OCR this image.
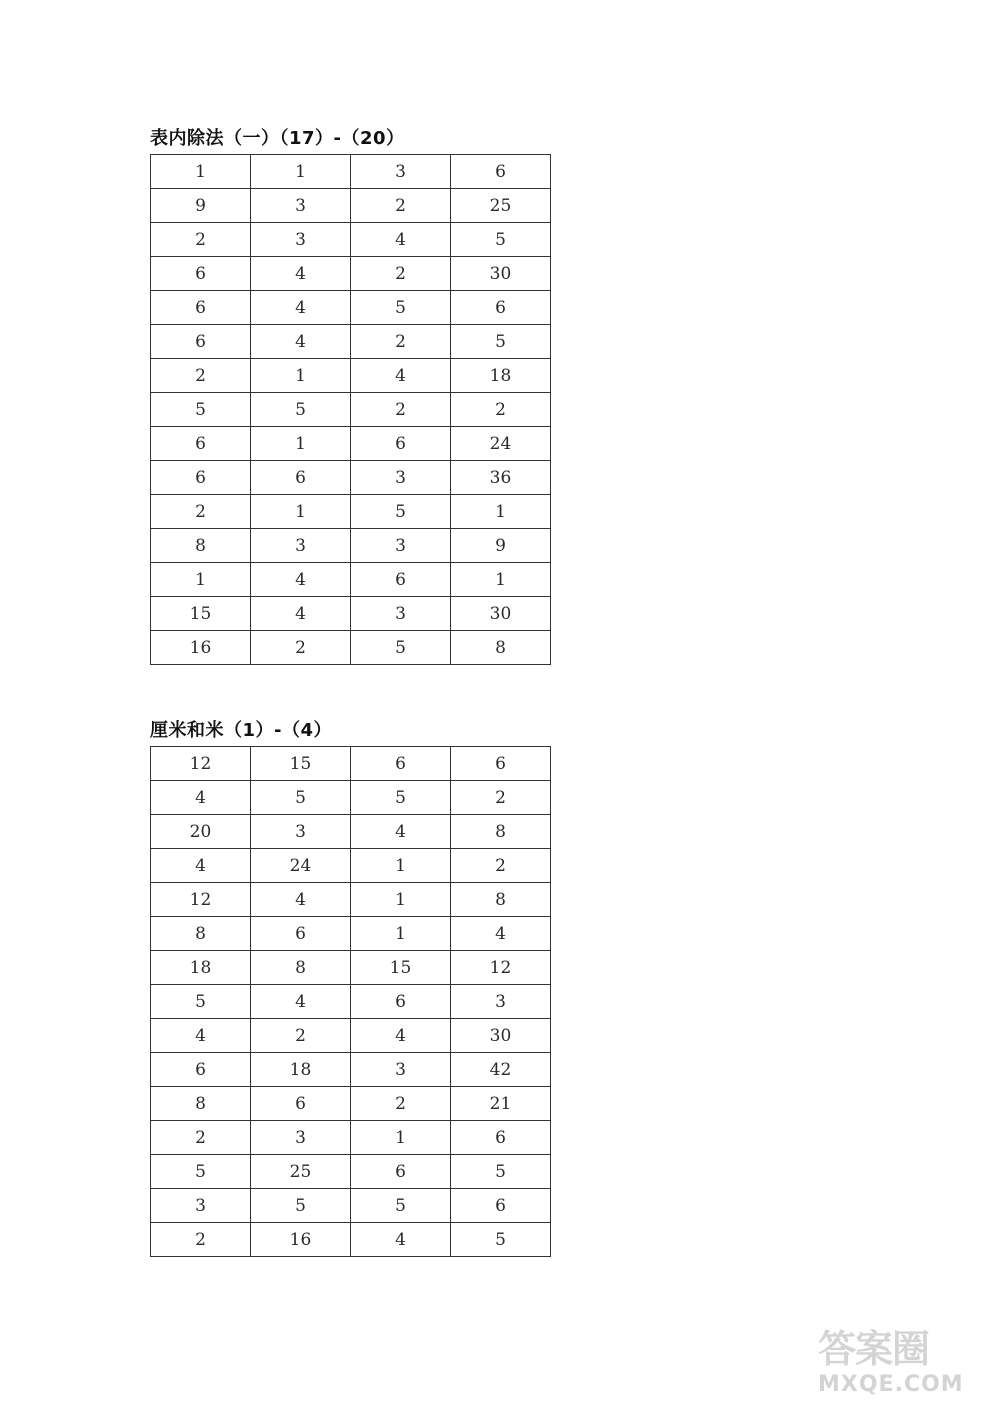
表内除法（一）（17）-（20）
1	1	3	6
9	3	2	25
2	3	4	5
6	4	2	30
6	4	5	6
6	4	2	5
2	1	4	18
5	5	2	2
6	1	6	24
6	6	3	36
2	1	5	1
8	3	3	9
1	4	6	1
15	4	3	30
16	2	5	8
厘米和米（1）-（4）
12	15	6	6
4	5	5	2
20	3	4	8
4	24	1	2
12	4	1	8
8	6	1	4
18	8	15	12
5	4	6	3
4	2	4	30
6	18	3	42
8	6	2	21
2	3	1	6
5	25	6	5
3	5	5	6
2	16	4	5
答案圈
MXQE.COM
